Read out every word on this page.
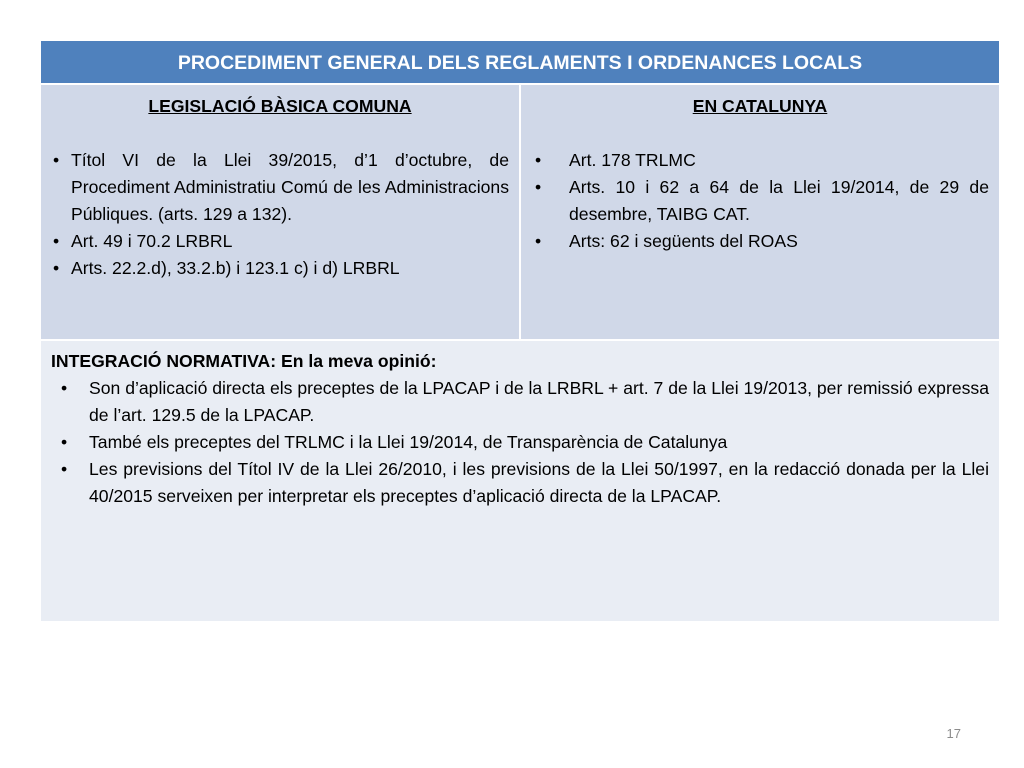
PROCEDIMENT GENERAL DELS REGLAMENTS I ORDENANCES LOCALS
LEGISLACIÓ BÀSICA COMUNA
• Títol VI de la Llei 39/2015, d’1 d’octubre, de Procediment Administratiu Comú de les Administracions Públiques. (arts. 129 a 132).
• Art. 49 i 70.2 LRBRL
• Arts. 22.2.d), 33.2.b) i 123.1 c) i d) LRBRL
EN CATALUNYA
• Art. 178 TRLMC
• Arts. 10 i 62 a 64 de la Llei 19/2014, de 29 de desembre, TAIBG CAT.
• Arts: 62 i següents del ROAS
INTEGRACIÓ NORMATIVA: En la meva opinió:
• Son d’aplicació directa els preceptes de la LPACAP i de la LRBRL + art. 7 de la Llei 19/2013, per remissió expressa de l’art. 129.5 de la LPACAP.
• També els preceptes del TRLMC i la Llei 19/2014, de Transparència de Catalunya
• Les previsions del Títol IV de la Llei 26/2010, i les previsions de la Llei 50/1997, en la redacció donada per la Llei 40/2015 serveixen per interpretar els preceptes d’aplicació directa de la LPACAP.
17
